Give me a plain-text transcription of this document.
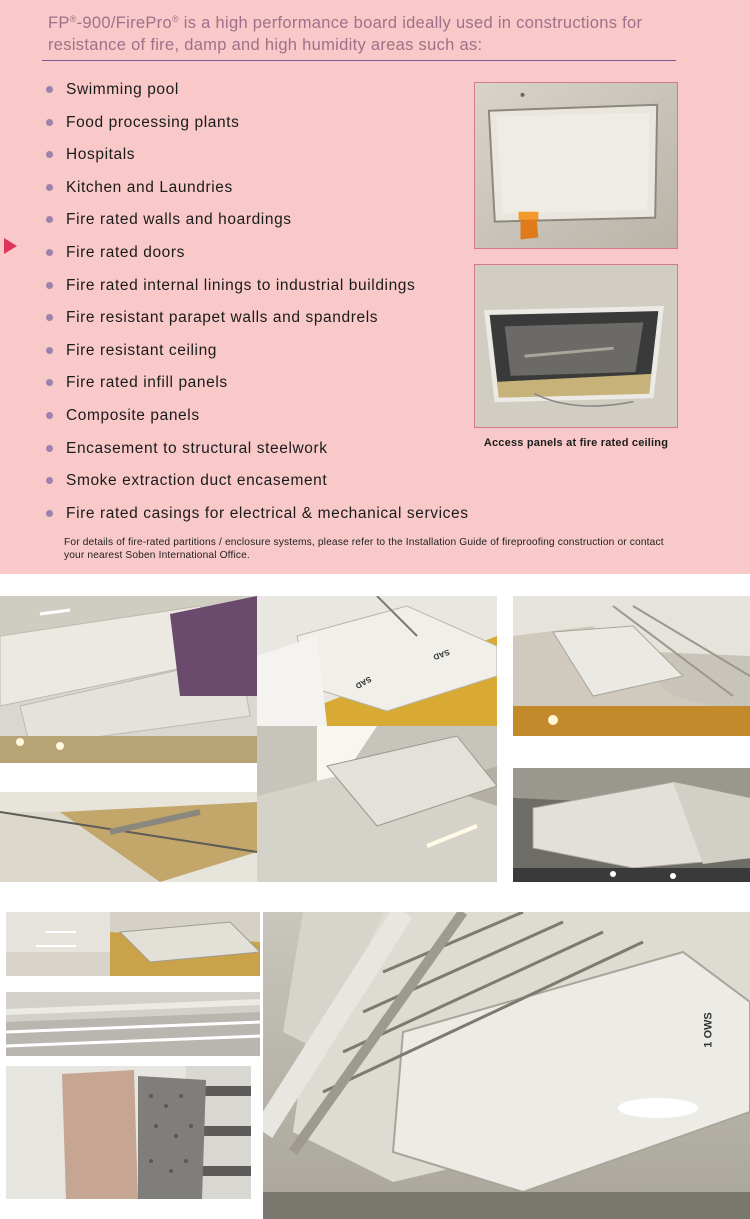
FP®-900/FirePro® is a high performance board ideally used in constructions for resistance of fire, damp and high humidity areas such as:

Swimming pool
Food processing plants
Hospitals
Kitchen and Laundries
Fire rated walls and hoardings
Fire rated doors
Fire rated internal linings to industrial buildings
Fire resistant parapet walls and spandrels
Fire resistant ceiling
Fire rated infill panels
Composite panels
Encasement to structural steelwork
Smoke extraction duct encasement
Fire rated casings for electrical & mechanical services

Access panels at fire rated ceiling

For details of fire-rated partitions / enclosure systems, please refer to the Installation Guide of fireproofing construction or contact your nearest Soben International Office.

SAD
SAD
1 OWS
